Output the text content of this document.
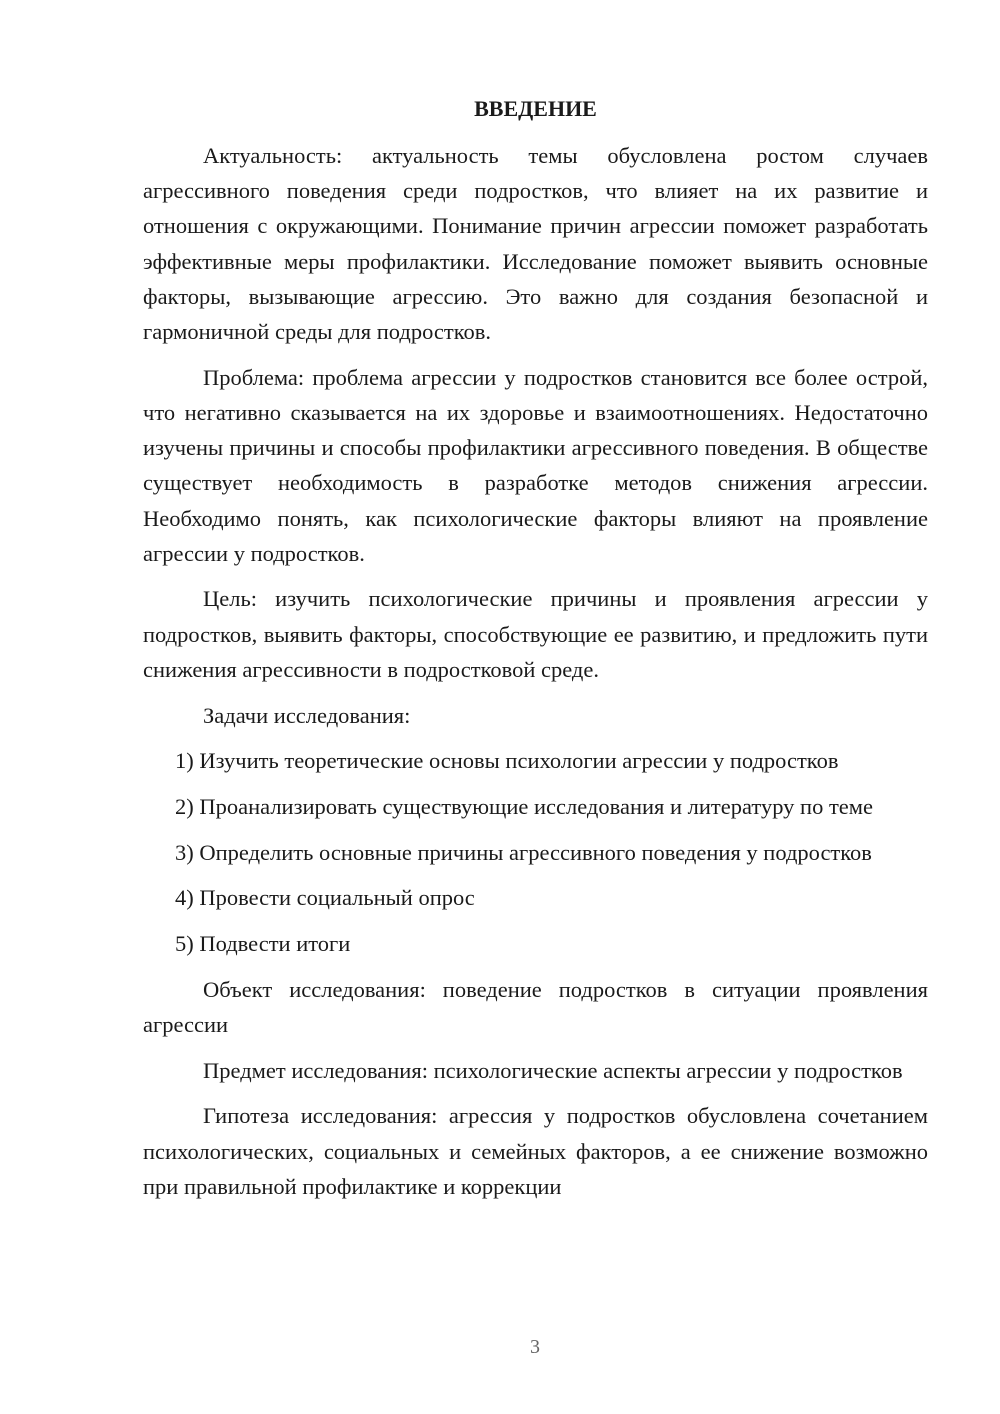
ВВЕДЕНИЕ

Актуальность: актуальность темы обусловлена ростом случаев агрессивного поведения среди подростков, что влияет на их развитие и отношения с окружающими. Понимание причин агрессии поможет разработать эффективные меры профилактики. Исследование поможет выявить основные факторы, вызывающие агрессию. Это важно для создания безопасной и гармоничной среды для подростков.

Проблема: проблема агрессии у подростков становится все более острой, что негативно сказывается на их здоровье и взаимоотношениях. Недостаточно изучены причины и способы профилактики агрессивного поведения. В обществе существует необходимость в разработке методов снижения агрессии. Необходимо понять, как психологические факторы влияют на проявление агрессии у подростков.

Цель: изучить психологические причины и проявления агрессии у подростков, выявить факторы, способствующие ее развитию, и предложить пути снижения агрессивности в подростковой среде.

Задачи исследования:

1) Изучить теоретические основы психологии агрессии у подростков

2) Проанализировать существующие исследования и литературу по теме

3) Определить основные причины агрессивного поведения у подростков

4) Провести социальный опрос

5) Подвести итоги

Объект исследования: поведение подростков в ситуации проявления агрессии

Предмет исследования: психологические аспекты агрессии у подростков

Гипотеза исследования: агрессия у подростков обусловлена сочетанием психологических, социальных и семейных факторов, а ее снижение возможно при правильной профилактике и коррекции

3
